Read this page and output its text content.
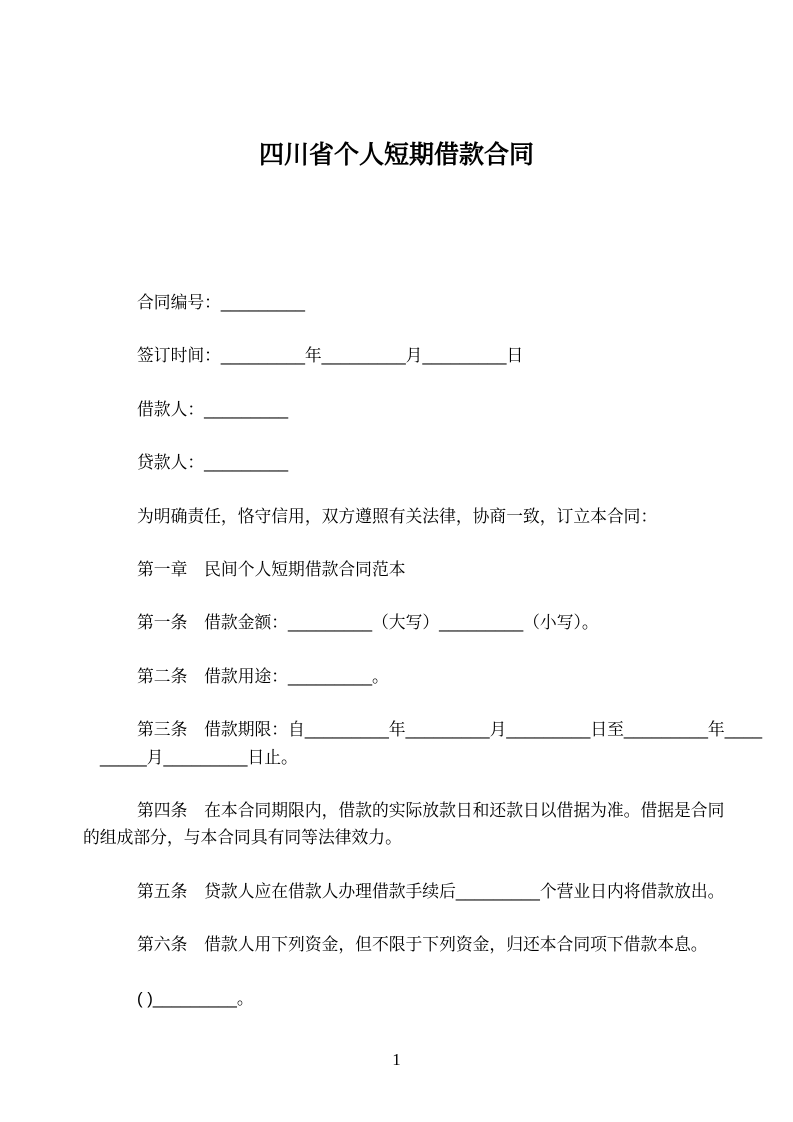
四川省个人短期借款合同

合同编号：_________

签订时间：_________年_________月_________日

借款人：_________

贷款人：_________

为明确责任，恪守信用，双方遵照有关法律，协商一致，订立本合同：

第一章　民间个人短期借款合同范本

第一条　借款金额：_________（大写）_________（小写）。

第二条　借款用途：_________。

第三条　借款期限：自_________年_________月_________日至_________年____
_____月_________日止。

第四条　在本合同期限内，借款的实际放款日和还款日以借据为准。借据是合同
的组成部分，与本合同具有同等法律效力。

第五条　贷款人应在借款人办理借款手续后_________个营业日内将借款放出。

第六条　借款人用下列资金，但不限于下列资金，归还本合同项下借款本息。

( )_________。

1
